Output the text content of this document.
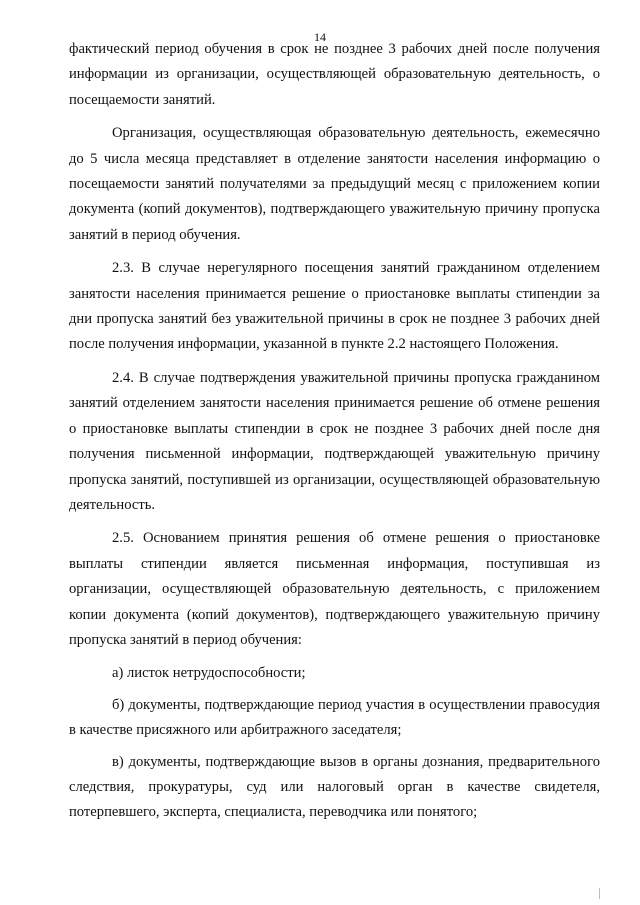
14

фактический период обучения в срок не позднее 3 рабочих дней после получения информации из организации, осуществляющей образовательную деятельность, о посещаемости занятий.

Организация, осуществляющая образовательную деятельность, ежемесячно до 5 числа месяца представляет в отделение занятости населения информацию о посещаемости занятий получателями за предыдущий месяц с приложением копии документа (копий документов), подтверждающего уважительную причину пропуска занятий в период обучения.

2.3. В случае нерегулярного посещения занятий гражданином отделением занятости населения принимается решение о приостановке выплаты стипендии за дни пропуска занятий без уважительной причины в срок не позднее 3 рабочих дней после получения информации, указанной в пункте 2.2 настоящего Положения.

2.4. В случае подтверждения уважительной причины пропуска гражданином занятий отделением занятости населения принимается решение об отмене решения о приостановке выплаты стипендии в срок не позднее 3 рабочих дней после дня получения письменной информации, подтверждающей уважительную причину пропуска занятий, поступившей из организации, осуществляющей образовательную деятельность.

2.5. Основанием принятия решения об отмене решения о приостановке выплаты стипендии является письменная информация, поступившая из организации, осуществляющей образовательную деятельность, с приложением копии документа (копий документов), подтверждающего уважительную причину пропуска занятий в период обучения:

а) листок нетрудоспособности;

б) документы, подтверждающие период участия в осуществлении правосудия в качестве присяжного или арбитражного заседателя;

в) документы, подтверждающие вызов в органы дознания, предварительного следствия, прокуратуры, суд или налоговый орган в качестве свидетеля, потерпевшего, эксперта, специалиста, переводчика или понятого;
